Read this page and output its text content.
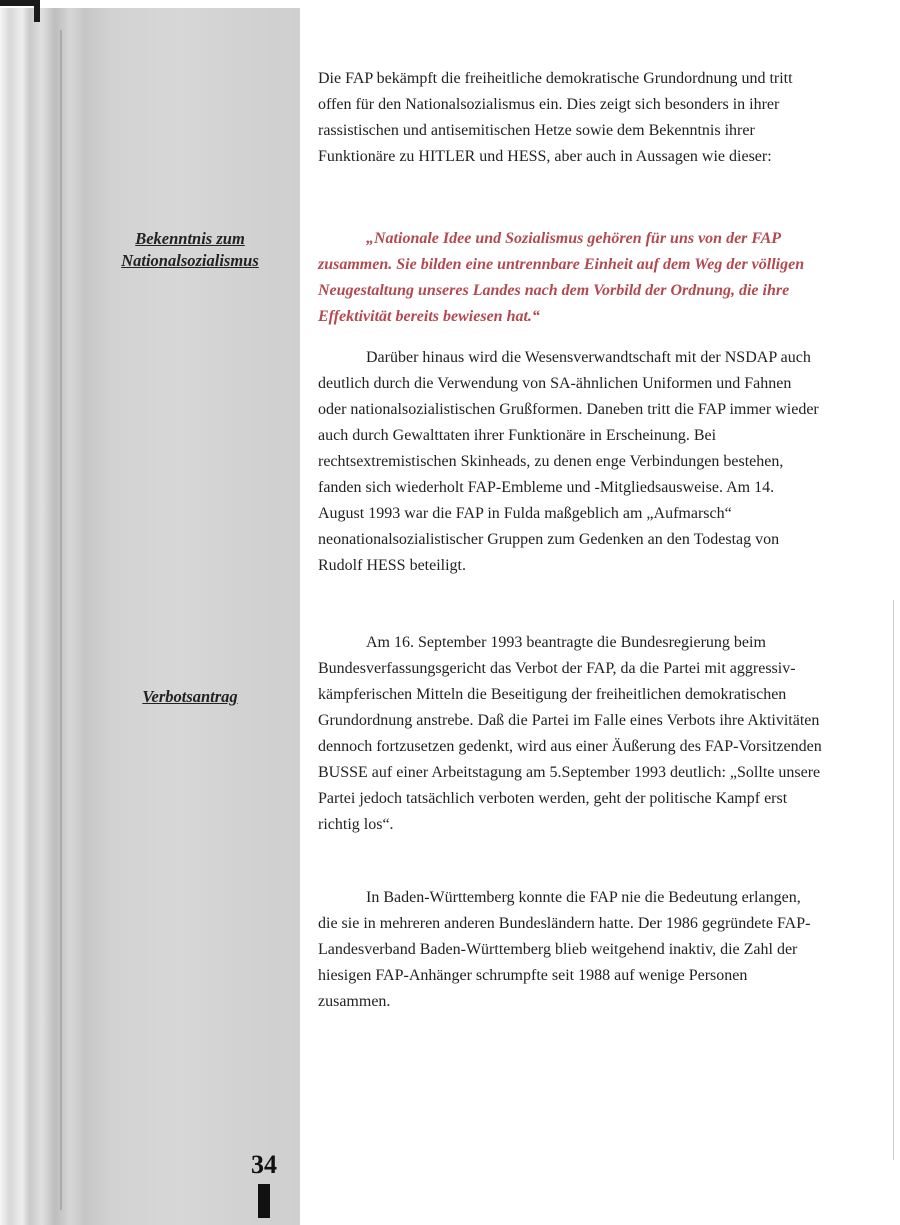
Bekenntnis zum
Nationalsozialismus
Verbotsantrag

Die FAP bekämpft die freiheitliche demokratische Grundordnung und tritt offen für den Nationalsozialismus ein. Dies zeigt sich besonders in ihrer rassistischen und antisemitischen Hetze sowie dem Bekenntnis ihrer Funktionäre zu HITLER und HESS, aber auch in Aussagen wie dieser:

„Nationale Idee und Sozialismus gehören für uns von der FAP zusammen. Sie bilden eine untrennbare Einheit auf dem Weg der völligen Neugestaltung unseres Landes nach dem Vorbild der Ordnung, die ihre Effektivität bereits bewiesen hat.“

Darüber hinaus wird die Wesensverwandtschaft mit der NSDAP auch deutlich durch die Verwendung von SA-ähnlichen Uniformen und Fahnen oder nationalsozialistischen Grußformen. Daneben tritt die FAP immer wieder auch durch Gewalttaten ihrer Funktionäre in Erscheinung. Bei rechtsextremistischen Skinheads, zu denen enge Verbindungen bestehen, fanden sich wiederholt FAP-Embleme und -Mitgliedsausweise. Am 14. August 1993 war die FAP in Fulda maßgeblich am „Aufmarsch“ neonationalsozialistischer Gruppen zum Gedenken an den Todestag von Rudolf HESS beteiligt.

Am 16. September 1993 beantragte die Bundesregierung beim Bundesverfassungsgericht das Verbot der FAP, da die Partei mit aggressiv-kämpferischen Mitteln die Beseitigung der freiheitlichen demokratischen Grundordnung anstrebe. Daß die Partei im Falle eines Verbots ihre Aktivitäten dennoch fortzusetzen gedenkt, wird aus einer Äußerung des FAP-Vorsitzenden BUSSE auf einer Arbeitstagung am 5.September 1993 deutlich: „Sollte unsere Partei jedoch tatsächlich verboten werden, geht der politische Kampf erst richtig los“.

In Baden-Württemberg konnte die FAP nie die Bedeutung erlangen, die sie in mehreren anderen Bundesländern hatte. Der 1986 gegründete FAP-Landesverband Baden-Württemberg blieb weitgehend inaktiv, die Zahl der hiesigen FAP-Anhänger schrumpfte seit 1988 auf wenige Personen zusammen.

34
